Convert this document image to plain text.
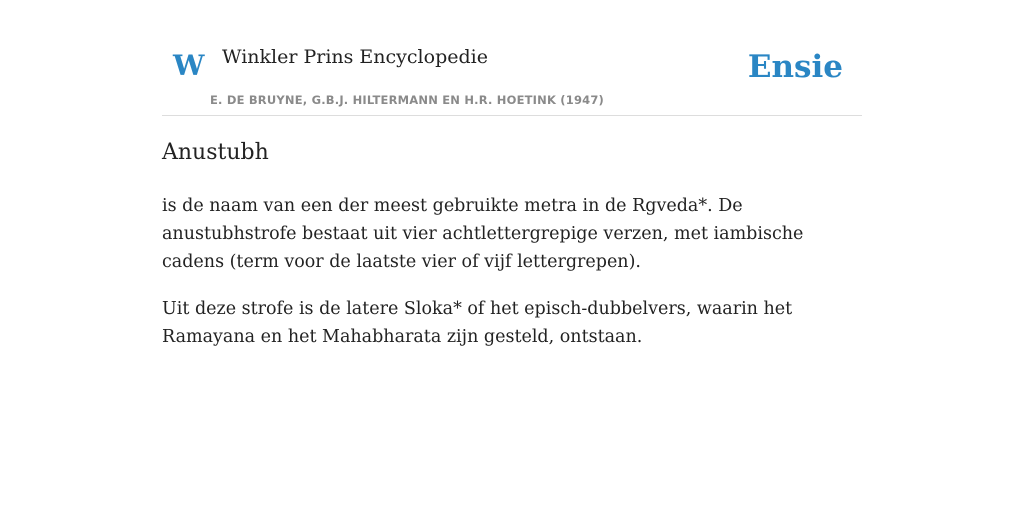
W Winkler Prins Encyclopedie
E. DE BRUYNE, G.B.J. HILTERMANN EN H.R. HOETINK (1947)
Ensie
Anustubh

is de naam van een der meest gebruikte metra in de Rgveda*. De anustubhstrofe bestaat uit vier achtlettergrepige verzen, met iambische cadens (term voor de laatste vier of vijf lettergrepen).

Uit deze strofe is de latere Sloka* of het episch-dubbelvers, waarin het Ramayana en het Mahabharata zijn gesteld, ontstaan.
